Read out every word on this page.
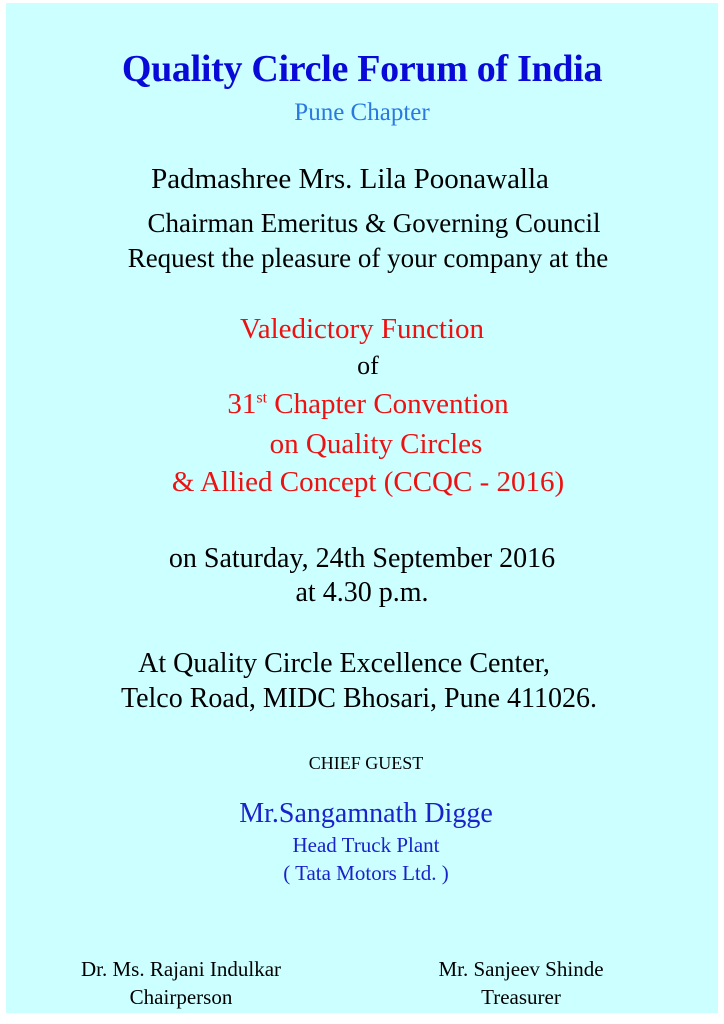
Quality Circle Forum of India
Pune Chapter
Padmashree Mrs. Lila Poonawalla
Chairman Emeritus & Governing Council
Request the pleasure of your company at the
Valedictory Function
of
31st Chapter Convention
on Quality Circles
& Allied Concept (CCQC - 2016)
on Saturday, 24th September 2016
at 4.30 p.m.
At Quality Circle Excellence Center,
Telco Road, MIDC Bhosari, Pune 411026.
CHIEF GUEST
Mr.Sangamnath Digge
Head Truck Plant
( Tata Motors Ltd. )
Dr. Ms. Rajani Indulkar
Chairperson
Mr. Sanjeev Shinde
Treasurer
